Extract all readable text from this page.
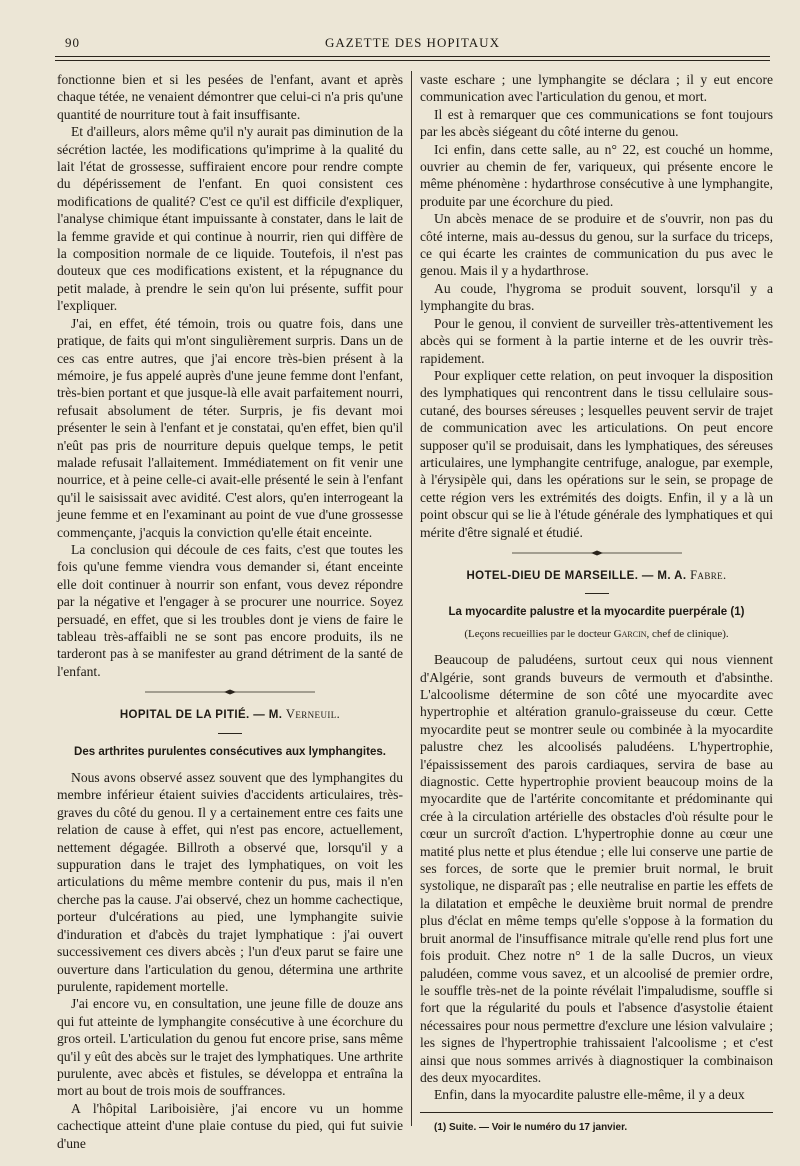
90	GAZETTE DES HOPITAUX

fonctionne bien et si les pesées de l'enfant, avant et après chaque tétée, ne venaient démontrer que celui-ci n'a pris qu'une quantité de nourriture tout à fait insuffisante.

Et d'ailleurs, alors même qu'il n'y aurait pas diminution de la sécrétion lactée, les modifications qu'imprime à la qualité du lait l'état de grossesse, suffiraient encore pour rendre compte du dépérissement de l'enfant. En quoi consistent ces modifications de qualité? C'est ce qu'il est difficile d'expliquer, l'analyse chimique étant impuissante à constater, dans le lait de la femme gravide et qui continue à nourrir, rien qui diffère de la composition normale de ce liquide. Toutefois, il n'est pas douteux que ces modifications existent, et la répugnance du petit malade, à prendre le sein qu'on lui présente, suffit pour l'expliquer.

J'ai, en effet, été témoin, trois ou quatre fois, dans une pratique, de faits qui m'ont singulièrement surpris. Dans un de ces cas entre autres, que j'ai encore très-bien présent à la mémoire, je fus appelé auprès d'une jeune femme dont l'enfant, très-bien portant et que jusque-là elle avait parfaitement nourri, refusait absolument de téter. Surpris, je fis devant moi présenter le sein à l'enfant et je constatai, qu'en effet, bien qu'il n'eût pas pris de nourriture depuis quelque temps, le petit malade refusait l'allaitement. Immédiatement on fit venir une nourrice, et à peine celle-ci avait-elle présenté le sein à l'enfant qu'il le saisissait avec avidité. C'est alors, qu'en interrogeant la jeune femme et en l'examinant au point de vue d'une grossesse commençante, j'acquis la conviction qu'elle était enceinte.

La conclusion qui découle de ces faits, c'est que toutes les fois qu'une femme viendra vous demander si, étant enceinte elle doit continuer à nourrir son enfant, vous devez répondre par la négative et l'engager à se procurer une nourrice. Soyez persuadé, en effet, que si les troubles dont je viens de faire le tableau très-affaibli ne se sont pas encore produits, ils ne tarderont pas à se manifester au grand détriment de la santé de l'enfant.

HOPITAL DE LA PITIÉ. — M. Verneuil.
Des arthrites purulentes consécutives aux lymphangites.

Nous avons observé assez souvent que des lymphangites du membre inférieur étaient suivies d'accidents articulaires, très-graves du côté du genou. Il y a certainement entre ces faits une relation de cause à effet, qui n'est pas encore, actuellement, nettement dégagée. Billroth a observé que, lorsqu'il y a suppuration dans le trajet des lymphatiques, on voit les articulations du même membre contenir du pus, mais il n'en cherche pas la cause. J'ai observé, chez un homme cachectique, porteur d'ulcérations au pied, une lymphangite suivie d'induration et d'abcès du trajet lymphatique : j'ai ouvert successivement ces divers abcès ; l'un d'eux parut se faire une ouverture dans l'articulation du genou, détermina une arthrite purulente, rapidement mortelle.

J'ai encore vu, en consultation, une jeune fille de douze ans qui fut atteinte de lymphangite consécutive à une écorchure du gros orteil. L'articulation du genou fut encore prise, sans même qu'il y eût des abcès sur le trajet des lymphatiques. Une arthrite purulente, avec abcès et fistules, se développa et entraîna la mort au bout de trois mois de souffrances.

A l'hôpital Lariboisière, j'ai encore vu un homme cachectique atteint d'une plaie contuse du pied, qui fut suivie d'une

vaste eschare ; une lymphangite se déclara ; il y eut encore communication avec l'articulation du genou, et mort.

Il est à remarquer que ces communications se font toujours par les abcès siégeant du côté interne du genou.

Ici enfin, dans cette salle, au n° 22, est couché un homme, ouvrier au chemin de fer, variqueux, qui présente encore le même phénomène : hydarthrose consécutive à une lymphangite, produite par une écorchure du pied.

Un abcès menace de se produire et de s'ouvrir, non pas du côté interne, mais au-dessus du genou, sur la surface du triceps, ce qui écarte les craintes de communication du pus avec le genou. Mais il y a hydarthrose.

Au coude, l'hygroma se produit souvent, lorsqu'il y a lymphangite du bras.

Pour le genou, il convient de surveiller très-attentivement les abcès qui se forment à la partie interne et de les ouvrir très-rapidement.

Pour expliquer cette relation, on peut invoquer la disposition des lymphatiques qui rencontrent dans le tissu cellulaire sous-cutané, des bourses séreuses ; lesquelles peuvent servir de trajet de communication avec les articulations. On peut encore supposer qu'il se produisait, dans les lymphatiques, des séreuses articulaires, une lymphangite centrifuge, analogue, par exemple, à l'érysipèle qui, dans les opérations sur le sein, se propage de cette région vers les extrémités des doigts. Enfin, il y a là un point obscur qui se lie à l'étude générale des lymphatiques et qui mérite d'être signalé et étudié.

HOTEL-DIEU DE MARSEILLE. — M. A. Fabre.
La myocardite palustre et la myocardite puerpérale (1)
(Leçons recueillies par le docteur Garcin, chef de clinique).

Beaucoup de paludéens, surtout ceux qui nous viennent d'Algérie, sont grands buveurs de vermouth et d'absinthe. L'alcoolisme détermine de son côté une myocardite avec hypertrophie et altération granulo-graisseuse du cœur. Cette myocardite peut se montrer seule ou combinée à la myocardite palustre chez les alcoolisés paludéens. L'hypertrophie, l'épaississement des parois cardiaques, servira de base au diagnostic. Cette hypertrophie provient beaucoup moins de la myocardite que de l'artérite concomitante et prédominante qui crée à la circulation artérielle des obstacles d'où résulte pour le cœur un surcroît d'action. L'hypertrophie donne au cœur une matité plus nette et plus étendue ; elle lui conserve une partie de ses forces, de sorte que le premier bruit normal, le bruit systolique, ne disparaît pas ; elle neutralise en partie les effets de la dilatation et empêche le deuxième bruit normal de prendre plus d'éclat en même temps qu'elle s'oppose à la formation du bruit anormal de l'insuffisance mitrale qu'elle rend plus fort une fois produit. Chez notre n° 1 de la salle Ducros, un vieux paludéen, comme vous savez, et un alcoolisé de premier ordre, le souffle très-net de la pointe révélait l'impaludisme, souffle si fort que la régularité du pouls et l'absence d'asystolie étaient nécessaires pour nous permettre d'exclure une lésion valvulaire ; les signes de l'hypertrophie trahissaient l'alcoolisme ; et c'est ainsi que nous sommes arrivés à diagnostiquer la combinaison des deux myocardites.

Enfin, dans la myocardite palustre elle-même, il y a deux

(1) Suite. — Voir le numéro du 17 janvier.
